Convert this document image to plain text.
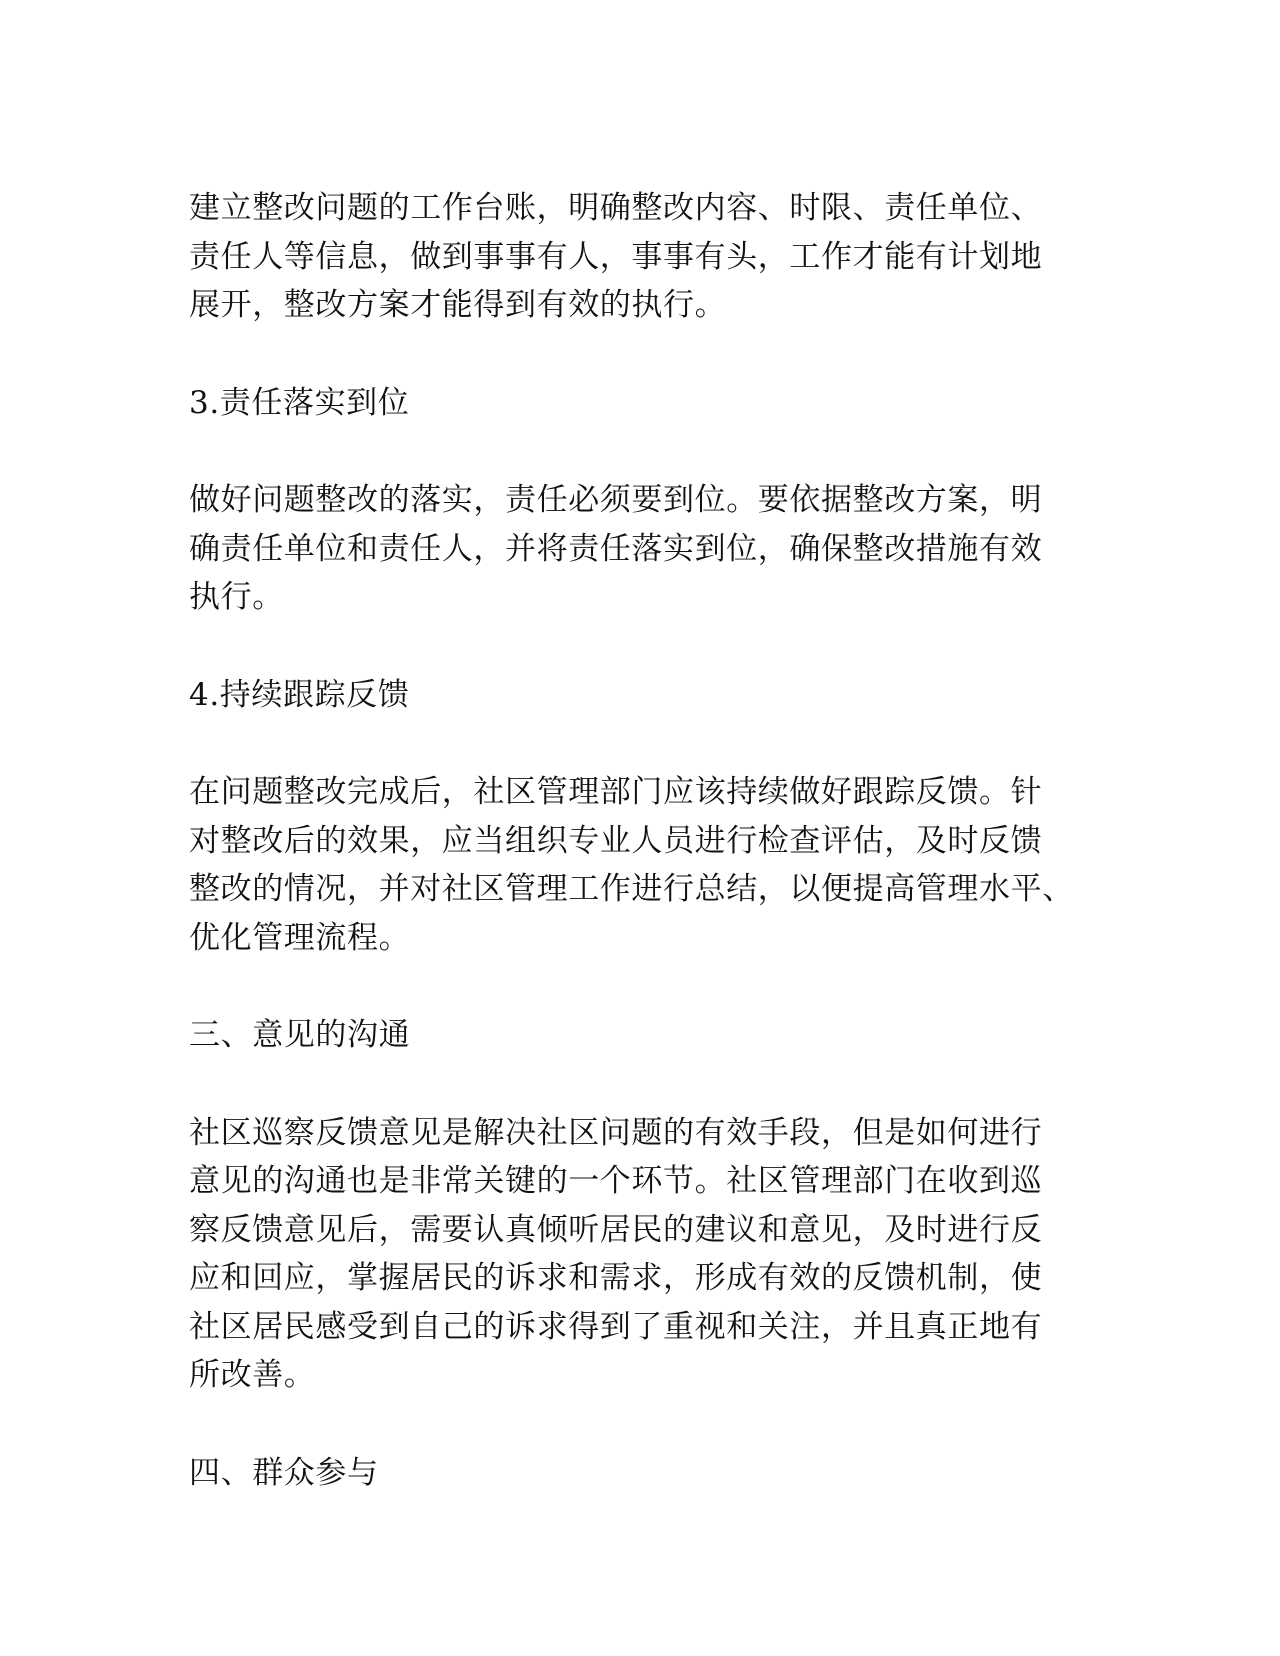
建立整改问题的工作台账，明确整改内容、时限、责任单位、
责任人等信息，做到事事有人，事事有头，工作才能有计划地
展开，整改方案才能得到有效的执行。

3.责任落实到位

做好问题整改的落实，责任必须要到位。要依据整改方案，明
确责任单位和责任人，并将责任落实到位，确保整改措施有效
执行。

4.持续跟踪反馈

在问题整改完成后，社区管理部门应该持续做好跟踪反馈。针
对整改后的效果，应当组织专业人员进行检查评估，及时反馈
整改的情况，并对社区管理工作进行总结，以便提高管理水平、
优化管理流程。

三、意见的沟通

社区巡察反馈意见是解决社区问题的有效手段，但是如何进行
意见的沟通也是非常关键的一个环节。社区管理部门在收到巡
察反馈意见后，需要认真倾听居民的建议和意见，及时进行反
应和回应，掌握居民的诉求和需求，形成有效的反馈机制，使
社区居民感受到自己的诉求得到了重视和关注，并且真正地有
所改善。

四、群众参与
